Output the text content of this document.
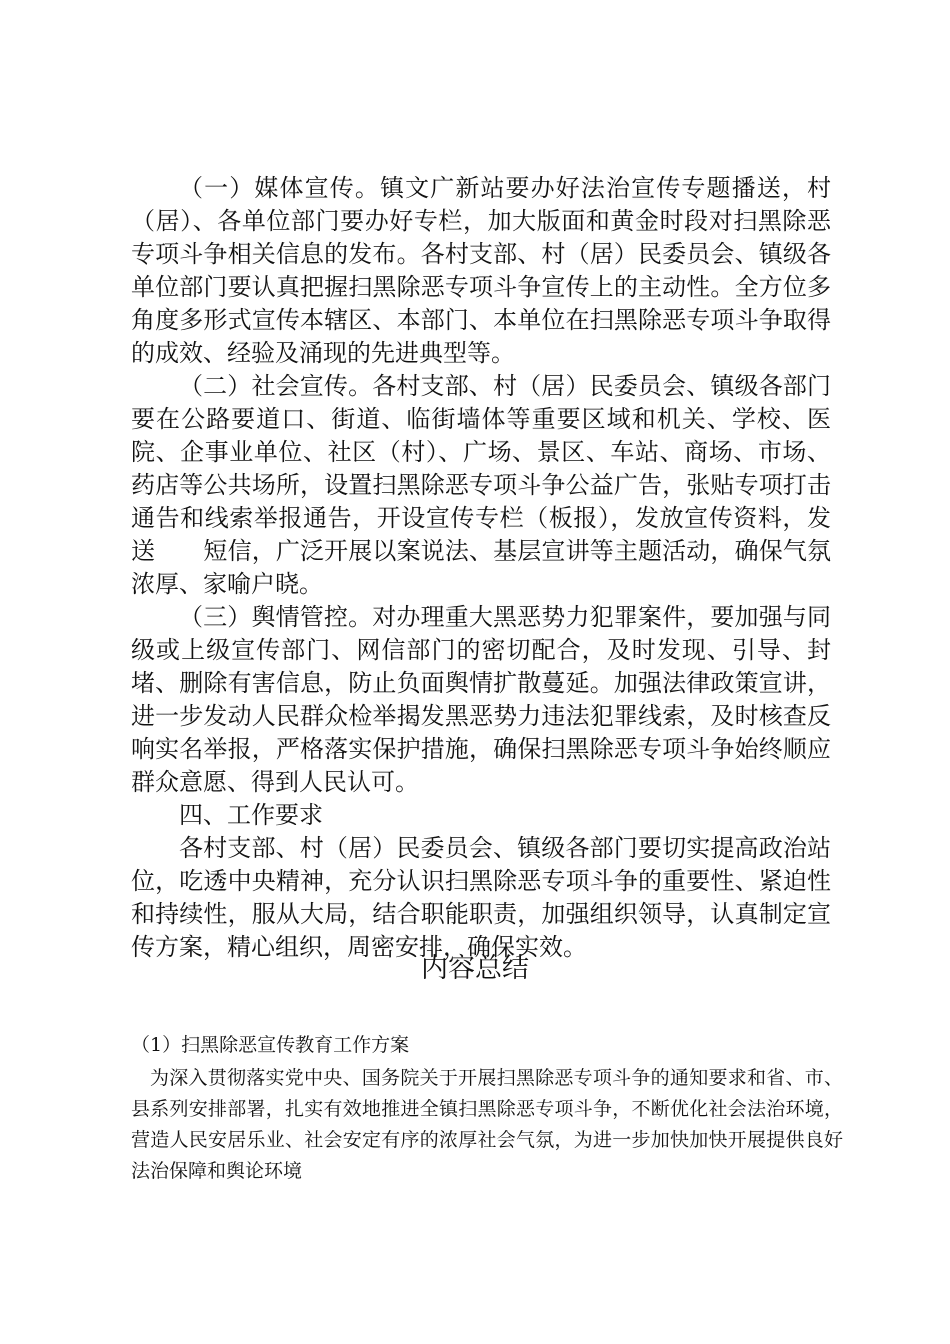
（一）媒体宣传。镇文广新站要办好法治宣传专题播送，村（居）、各单位部门要办好专栏，加大版面和黄金时段对扫黑除恶专项斗争相关信息的发布。各村支部、村（居）民委员会、镇级各单位部门要认真把握扫黑除恶专项斗争宣传上的主动性。全方位多角度多形式宣传本辖区、本部门、本单位在扫黑除恶专项斗争取得的成效、经验及涌现的先进典型等。

（二）社会宣传。各村支部、村（居）民委员会、镇级各部门要在公路要道口、街道、临街墙体等重要区域和机关、学校、医院、企事业单位、社区（村）、广场、景区、车站、商场、市场、药店等公共场所，设置扫黑除恶专项斗争公益广告，张贴专项打击通告和线索举报通告，开设宣传专栏（板报），发放宣传资料，发送　　短信，广泛开展以案说法、基层宣讲等主题活动，确保气氛浓厚、家喻户晓。

（三）舆情管控。对办理重大黑恶势力犯罪案件，要加强与同级或上级宣传部门、网信部门的密切配合，及时发现、引导、封堵、删除有害信息，防止负面舆情扩散蔓延。加强法律政策宣讲，进一步发动人民群众检举揭发黑恶势力违法犯罪线索，及时核查反响实名举报，严格落实保护措施，确保扫黑除恶专项斗争始终顺应群众意愿、得到人民认可。

四、工作要求

各村支部、村（居）民委员会、镇级各部门要切实提高政治站位，吃透中央精神，充分认识扫黑除恶专项斗争的重要性、紧迫性和持续性，服从大局，结合职能职责，加强组织领导，认真制定宣传方案，精心组织，周密安排，确保实效。

内容总结

（1）扫黑除恶宣传教育工作方案

为深入贯彻落实党中央、国务院关于开展扫黑除恶专项斗争的通知要求和省、市、县系列安排部署，扎实有效地推进全镇扫黑除恶专项斗争，不断优化社会法治环境，营造人民安居乐业、社会安定有序的浓厚社会气氛，为进一步加快加快开展提供良好法治保障和舆论环境
